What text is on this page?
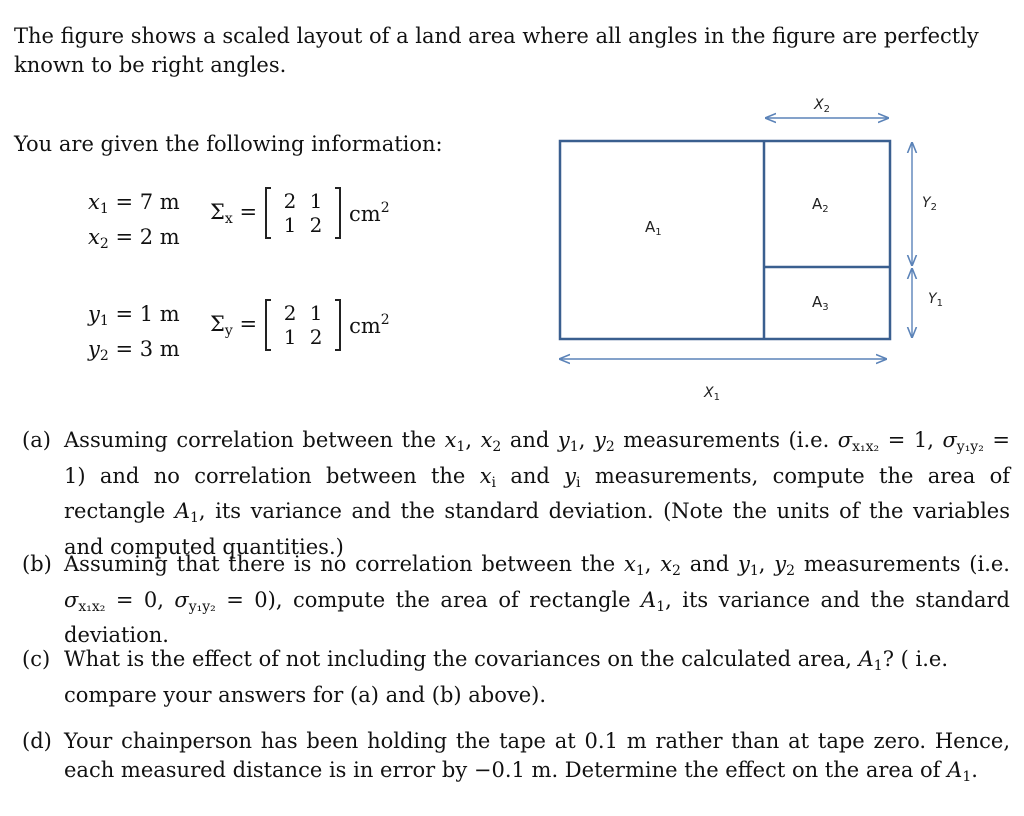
The figure shows a scaled layout of a land area where all angles in the figure are perfectly known to be right angles.
You are given the following information:
$x_1 = 7$ m
$x_2 = 2$ m
$\Sigma_x$ =	2 1
1 2	$cm^2$
$y_1 = 1$ m
$y_2 = 3$ m
$\Sigma_y$ =	2 1
1 2	$cm^2$
$X_2$
$X_1$
$Y_2$
$Y_1$
$A_1$
$A_2$
$A_3$
(a) Assuming correlation between the $x_1$, $x_2$ and $y_1$, $y_2$ measurements (i.e. $\sigma_{x_1x_2} = 1$, $\sigma_{y_1y_2} = 1$) and no correlation between the $x_i$ and $y_i$ measurements, compute the area of rectangle $A_1$, its variance and the standard deviation. (Note the units of the variables and computed quantities.)
(b) Assuming that there is no correlation between the $x_1$, $x_2$ and $y_1$, $y_2$ measurements (i.e. $\sigma_{x_1x_2} = 0$, $\sigma_{y_1y_2} = 0$), compute the area of rectangle $A_1$, its variance and the standard deviation.
(c) What is the effect of not including the covariances on the calculated area, $A_1$? ( i.e. compare your answers for (a) and (b) above).
(d) Your chainperson has been holding the tape at 0.1 m rather than at tape zero. Hence, each measured distance is in error by −0.1 m. Determine the effect on the area of $A_1$.
